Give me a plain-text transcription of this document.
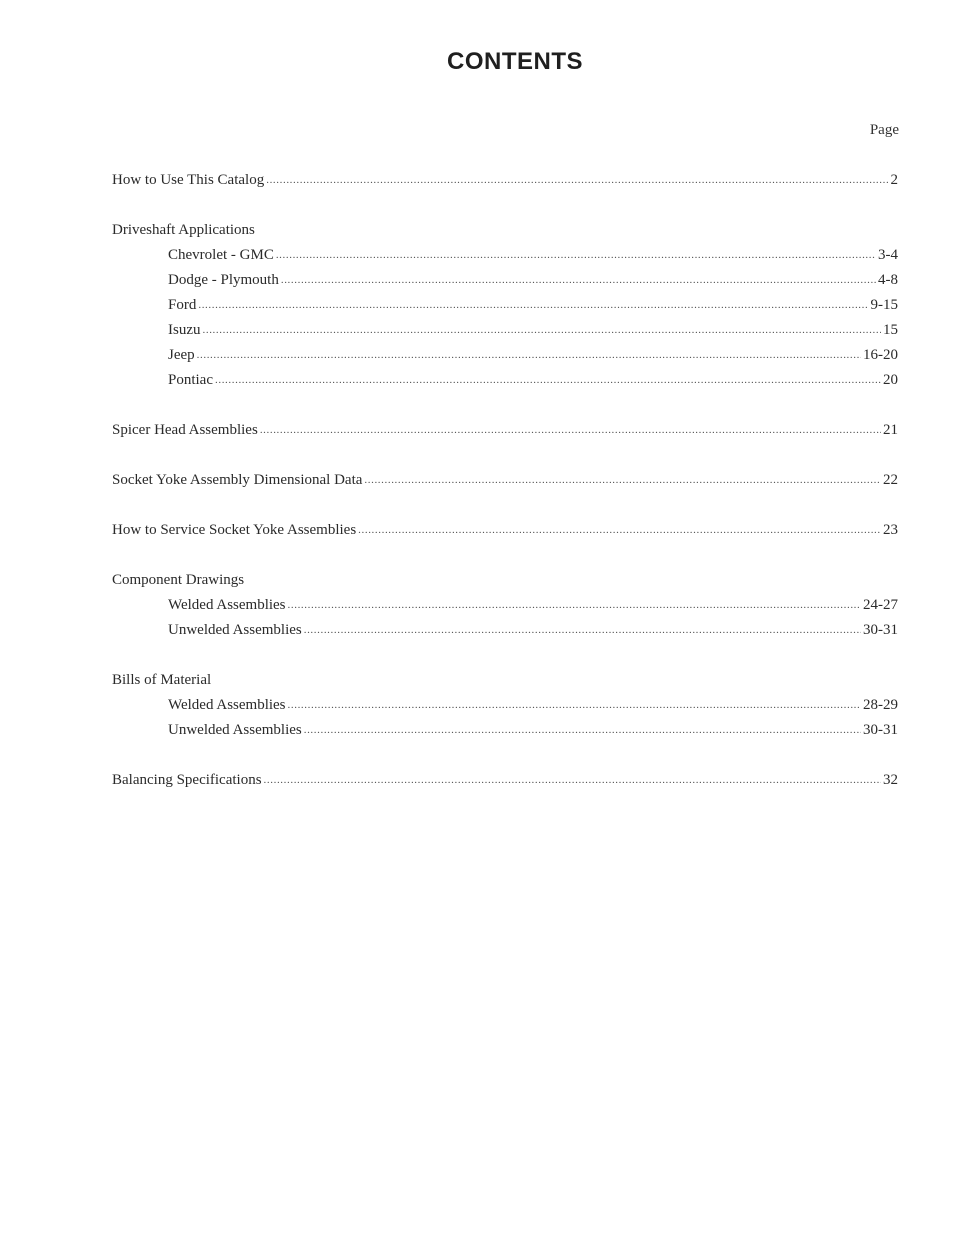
CONTENTS
Page
How to Use This Catalog .....	2
Driveshaft Applications
Chevrolet - GMC .....	3-4
Dodge - Plymouth .....	4-8
Ford .....	9-15
Isuzu .....	15
Jeep .....	16-20
Pontiac .....	20
Spicer Head Assemblies .....	21
Socket Yoke Assembly Dimensional Data .....	22
How to Service Socket Yoke Assemblies .....	23
Component Drawings
Welded Assemblies .....	24-27
Unwelded Assemblies .....	30-31
Bills of Material
Welded Assemblies .....	28-29
Unwelded Assemblies .....	30-31
Balancing Specifications .....	32
